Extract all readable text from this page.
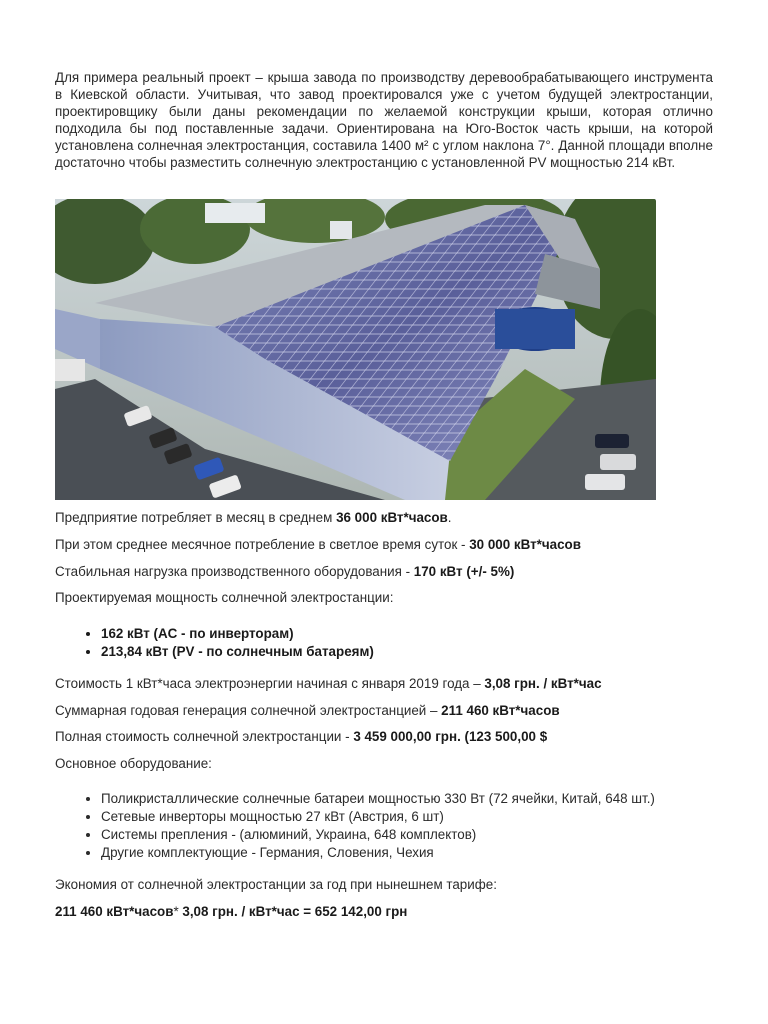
Для примера реальный проект – крыша завода по производству деревообрабатывающего инструмента в Киевской области. Учитывая, что завод проектировался уже с учетом будущей электростанции, проектировщику были даны рекомендации по желаемой конструкции крыши, которая отлично подходила бы под поставленные задачи. Ориентирована на Юго-Восток часть крыши, на которой установлена солнечная электростанция, составила 1400 м² с углом наклона 7°. Данной площади вполне достаточно чтобы разместить солнечную электростанцию с установленной PV мощностью 214 кВт.

Предприятие потребляет в месяц в среднем 36 000 кВт*часов.

При этом среднее месячное потребление в светлое время суток - 30 000 кВт*часов

Стабильная нагрузка производственного оборудования - 170 кВт (+/- 5%)

Проектируемая мощность солнечной электростанции:

• 162 кВт (AC - по инверторам)
• 213,84 кВт (PV - по солнечным батареям)

Стоимость 1 кВт*часа электроэнергии начиная с января 2019 года – 3,08 грн. / кВт*час

Суммарная годовая генерация солнечной электростанцией – 211 460 кВт*часов

Полная стоимость солнечной электростанции - 3 459 000,00 грн. (123 500,00 $

Основное оборудование:

• Поликристаллические солнечные батареи мощностью 330 Вт (72 ячейки, Китай, 648 шт.)
• Сетевые инверторы мощностью 27 кВт (Австрия, 6 шт)
• Системы препления - (алюминий, Украина, 648 комплектов)
• Другие комплектующие - Германия, Словения, Чехия

Экономия от солнечной электростанции за год при нынешнем тарифе:

211 460 кВт*часов* 3,08 грн. / кВт*час = 652 142,00 грн
